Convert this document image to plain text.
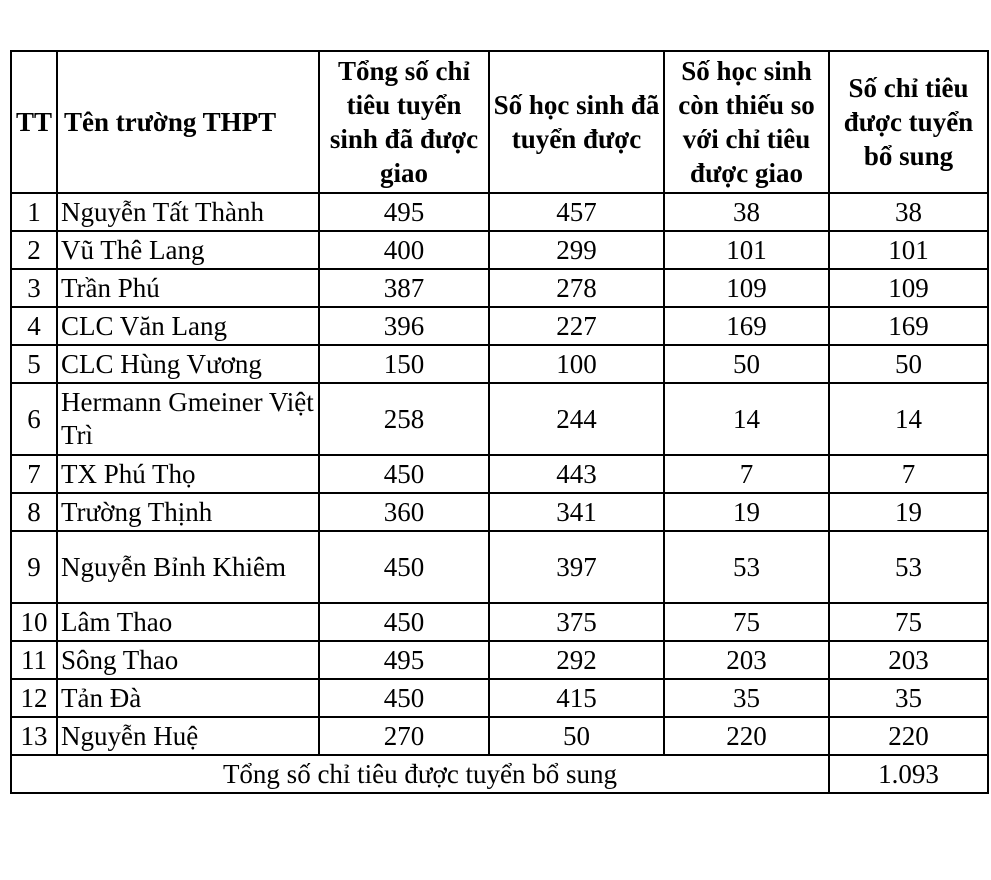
TT	Tên trường THPT	Tổng số chỉ tiêu tuyển sinh đã được giao	Số học sinh đã tuyển được	Số học sinh còn thiếu so với chỉ tiêu được giao	Số chỉ tiêu được tuyển bổ sung
1	Nguyễn Tất Thành	495	457	38	38
2	Vũ Thê Lang	400	299	101	101
3	Trần Phú	387	278	109	109
4	CLC Văn Lang	396	227	169	169
5	CLC Hùng Vương	150	100	50	50
6	Hermann Gmeiner Việt Trì	258	244	14	14
7	TX Phú Thọ	450	443	7	7
8	Trường Thịnh	360	341	19	19
9	Nguyễn Bỉnh Khiêm	450	397	53	53
10	Lâm Thao	450	375	75	75
11	Sông Thao	495	292	203	203
12	Tản Đà	450	415	35	35
13	Nguyễn Huệ	270	50	220	220
Tổng số chỉ tiêu được tuyển bổ sung					1.093
